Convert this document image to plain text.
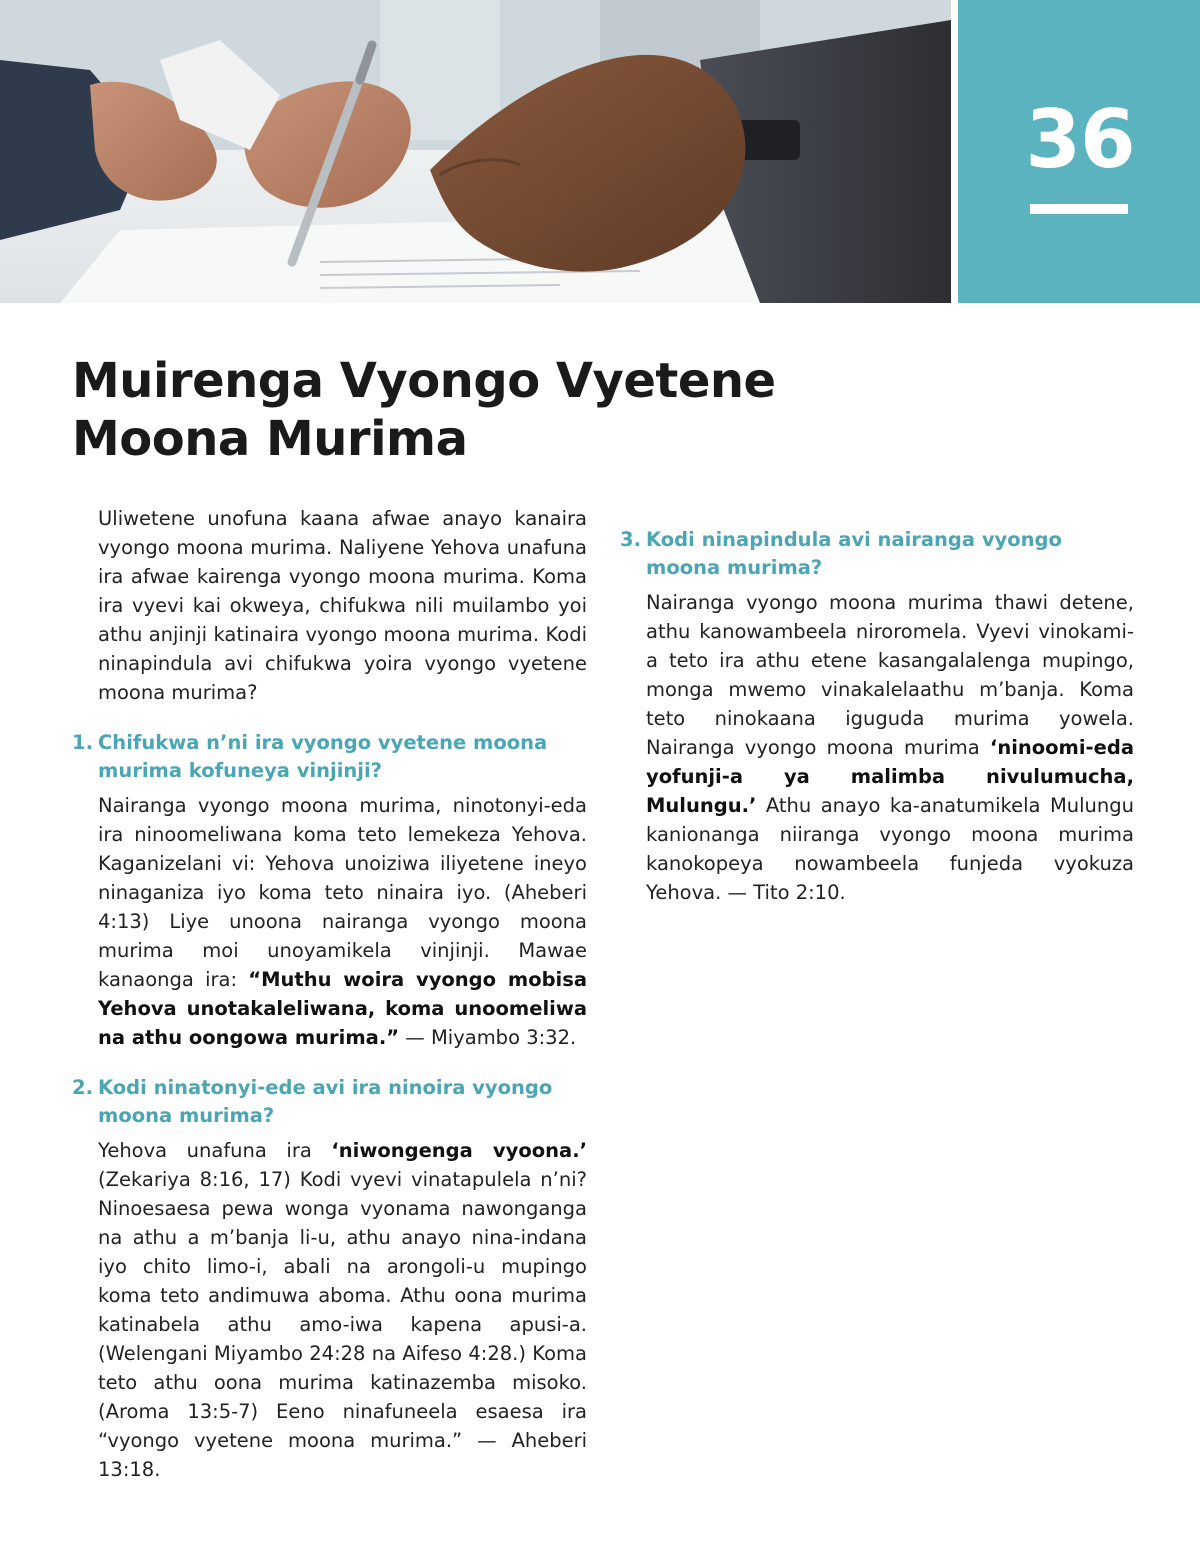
36
Muirenga Vyongo Vyetene
Moona Murima

Uliwetene unofuna kaana afwae anayo kanaira vyongo moona murima. Naliyene Yehova unafuna ira afwae kairenga vyongo moona murima. Koma ira vyevi kai okweya, chifukwa nili muilambo yoi athu anjinji katinaira vyongo moona murima. Kodi ninapindula avi chifukwa yoira vyongo vyetene moona murima?

1. Chifukwa n’ni ira vyongo vyetene moona murima kofuneya vinjinji?

Nairanga vyongo moona murima, ninotonyi-eda ira ninoomeliwana koma teto lemekeza Yehova. Kaganizelani vi: Yehova unoiziwa iliyetene ineyo ninaganiza iyo koma teto ninaira iyo. (Aheberi 4:13) Liye unoona nairanga vyongo moona murima moi unoyamikela vinjinji. Mawae kanaonga ira: “Muthu woira vyongo mobisa Yehova unotakaleliwana, koma unoomeliwa na athu oongowa murima.” — Miyambo 3:32.

2. Kodi ninatonyi-ede avi ira ninoira vyongo moona murima?

Yehova unafuna ira ‘niwongenga vyoona.’ (Zekariya 8:16, 17) Kodi vyevi vinatapulela n’ni? Ninoesaesa pewa wonga vyonama nawonganga na athu a m’banja li-u, athu anayo nina-indana iyo chito limo-i, abali na arongoli-u mupingo koma teto andimuwa aboma. Athu oona murima katinabela athu amo-iwa kapena apusi-a. (Welengani Miyambo 24:28 na Aifeso 4:28.) Koma teto athu oona murima katinazemba misoko. (Aroma 13:5-7) Eeno ninafuneela esaesa ira “vyongo vyetene moona murima.” — Aheberi 13:18.

3. Kodi ninapindula avi nairanga vyongo moona murima?

Nairanga vyongo moona murima thawi detene, athu kanowambeela niroromela. Vyevi vinokami-a teto ira athu etene kasangalalenga mupingo, monga mwemo vinakalelaathu m’banja. Koma teto ninokaana iguguda murima yowela. Nairanga vyongo moona murima ‘ninoomi-eda yofunji-a ya malimba nivulumucha, Mulungu.’ Athu anayo ka-anatumikela Mulungu kanionanga niiranga vyongo moona murima kanokopeya nowambeela funjeda vyokuza Yehova. — Tito 2:10.
